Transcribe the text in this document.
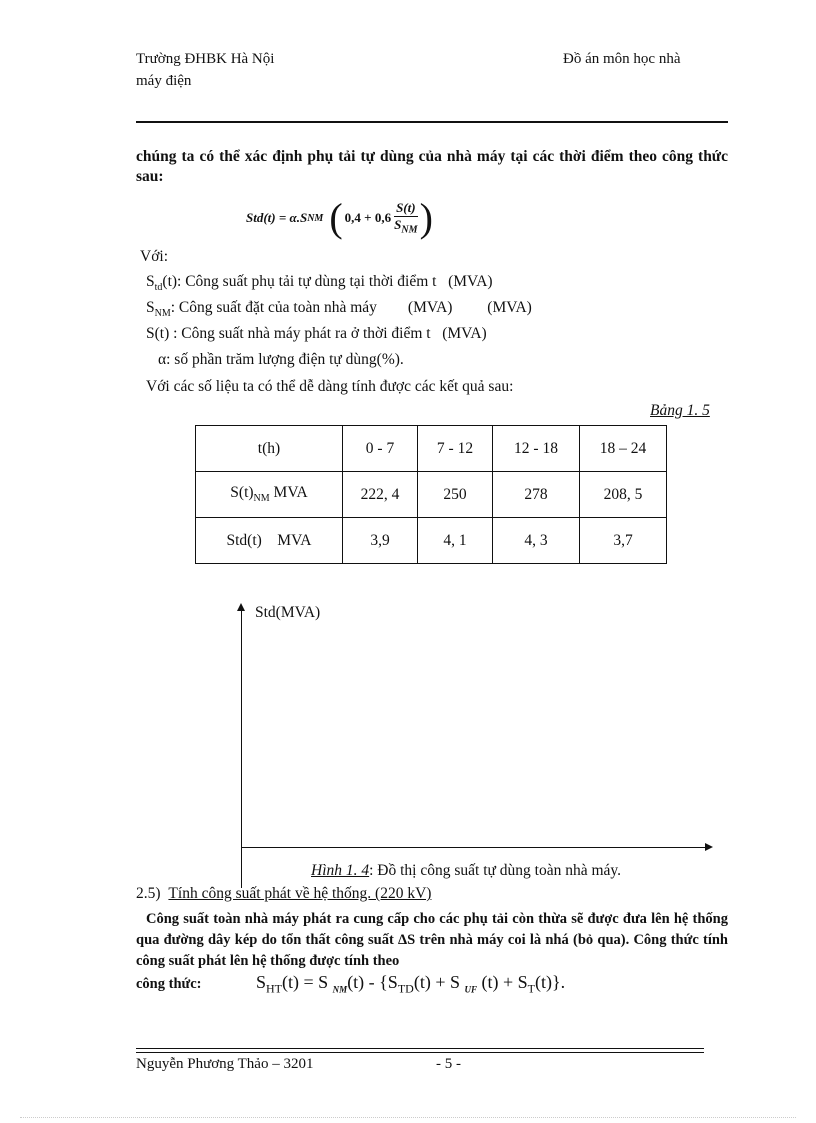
Trường ĐHBK Hà Nội	Đồ án môn học nhà
máy điện
chúng ta có thể xác định phụ tải tự dùng của nhà máy tại các thời điểm theo công thức sau:
Std(t) = α.S NM ( 0,4 + 0,6
S(t)
$S_{NM}$ )
Với:
$S_{td}(t)$: Công suất phụ tải tự dùng tại thời điểm t   (MVA)
$S_{NM}$: Công suất đặt của toàn nhà máy        (MVA)         (MVA)
S(t) : Công suất nhà máy phát ra ở thời điểm t   (MVA)
α: số phần trăm lượng điện tự dùng(%).
Với các số liệu ta có thể dễ dàng tính được các kết quả sau:
Bảng 1. 5
t(h)	0 - 7	7 - 12	12 - 18	18 – 24
$S(t)_{NM}$ MVA	222, 4	250	278	208, 5
Std(t)    MVA	3,9	4, 1	4, 3	3,7
Std(MVA)
Hình 1. 4: Đồ thị công suất tự dùng toàn nhà máy.
2.5) Tính công suất phát về hệ thống. (220 kV)
Công suất toàn nhà máy phát ra cung cấp cho các phụ tải còn thừa sẽ được đưa lên hệ thống qua đường dây kép do tổn thất công suất ΔS trên nhà máy coi là nhá (bỏ qua). Công thức tính công suất phát lên hệ thống được tính theo
công thức:	$S_{HT}(t) = S$ $_{NM}(t) - \{S_{TD}(t) + S$ $_{UF}$ $(t) + S_T(t)$}.
Nguyễn Phương Thảo – 3201	- 5 -
